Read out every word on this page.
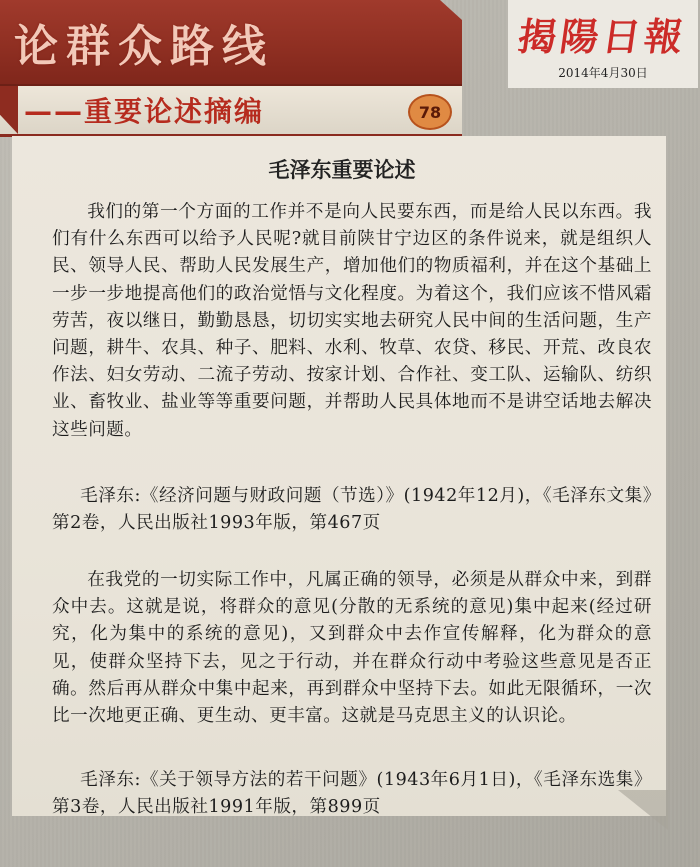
论群众路线
——重要论述摘编	78
揭陽日報
2014年4月30日
毛泽东重要论述
我们的第一个方面的工作并不是向人民要东西，而是给人民以东西。我们有什么东西可以给予人民呢?就目前陕甘宁边区的条件说来，就是组织人民、领导人民、帮助人民发展生产，增加他们的物质福利，并在这个基础上一步一步地提高他们的政治觉悟与文化程度。为着这个，我们应该不惜风霜劳苦，夜以继日，勤勤恳恳，切切实实地去研究人民中间的生活问题，生产问题，耕牛、农具、种子、肥料、水利、牧草、农贷、移民、开荒、改良农作法、妇女劳动、二流子劳动、按家计划、合作社、变工队、运输队、纺织业、畜牧业、盐业等等重要问题，并帮助人民具体地而不是讲空话地去解决这些问题。
毛泽东:《经济问题与财政问题（节选）》(1942年12月)，《毛泽东文集》第2卷，人民出版社1993年版，第467页
在我党的一切实际工作中，凡属正确的领导，必须是从群众中来，到群众中去。这就是说，将群众的意见(分散的无系统的意见)集中起来(经过研究，化为集中的系统的意见)，又到群众中去作宣传解释，化为群众的意见，使群众坚持下去，见之于行动，并在群众行动中考验这些意见是否正确。然后再从群众中集中起来，再到群众中坚持下去。如此无限循环，一次比一次地更正确、更生动、更丰富。这就是马克思主义的认识论。
毛泽东:《关于领导方法的若干问题》(1943年6月1日)，《毛泽东选集》第3卷，人民出版社1991年版，第899页
